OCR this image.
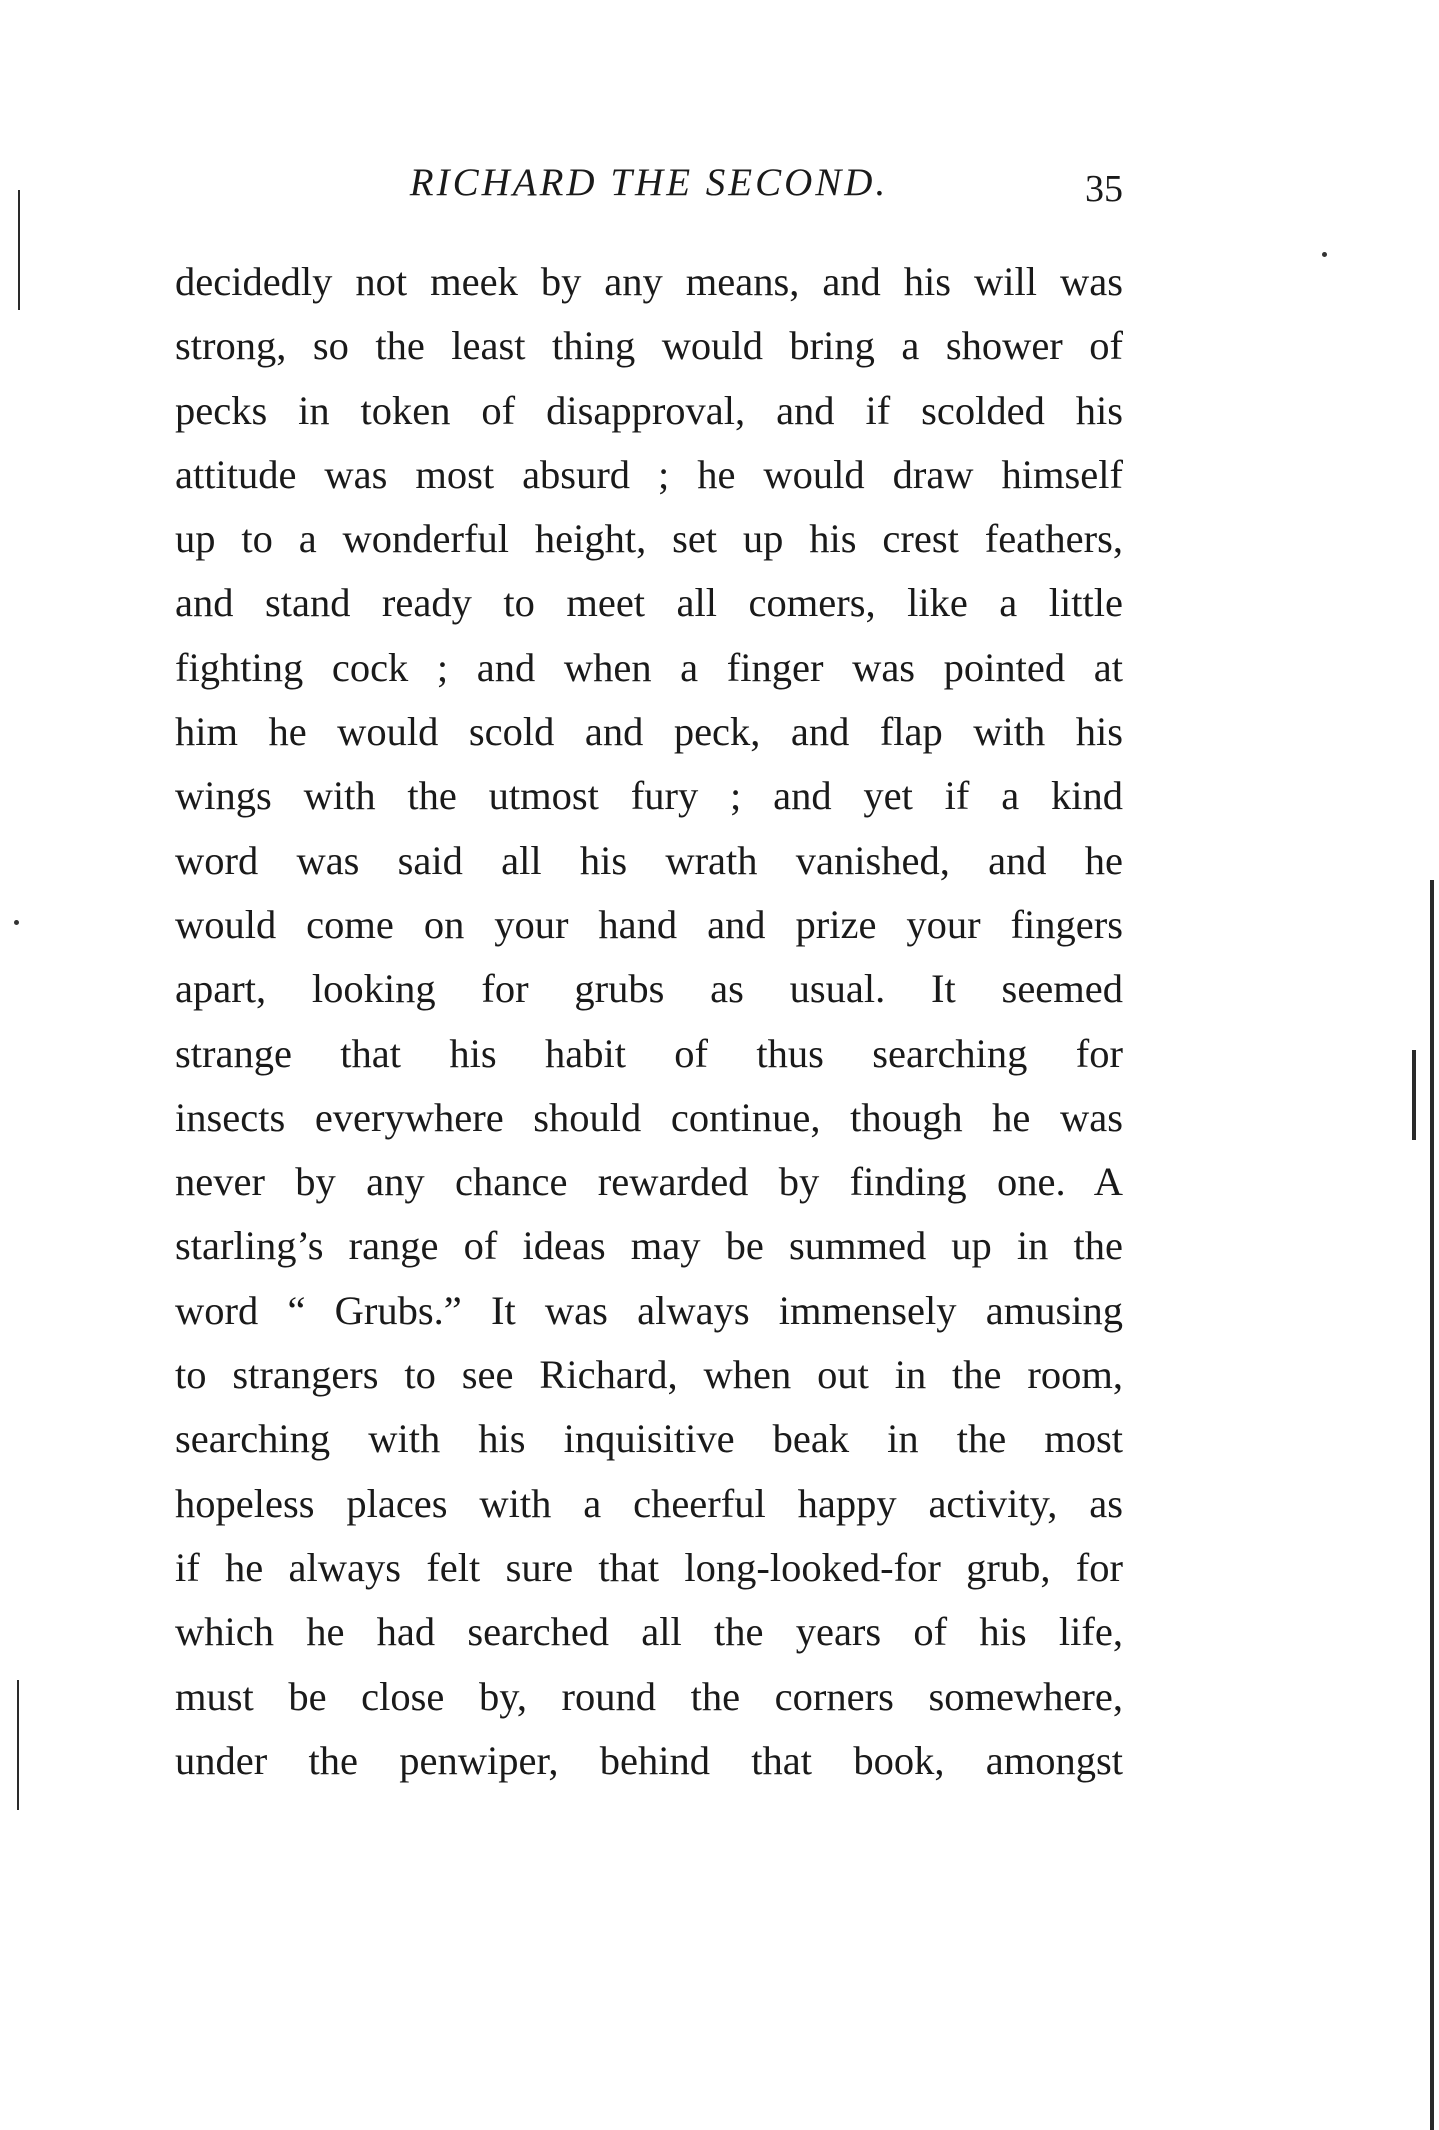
RICHARD THE SECOND.	35
decidedly not meek by any means, and his will was
strong, so the least thing would bring a shower of
pecks in token of disapproval, and if scolded his
attitude was most absurd ; he would draw himself
up to a wonderful height, set up his crest feathers,
and stand ready to meet all comers, like a little
fighting cock ; and when a finger was pointed at
him he would scold and peck, and flap with his
wings with the utmost fury ; and yet if a kind
word was said all his wrath vanished, and he
would come on your hand and prize your fingers
apart, looking for grubs as usual. It seemed
strange that his habit of thus searching for
insects everywhere should continue, though he was
never by any chance rewarded by finding one. A
starling’s range of ideas may be summed up in the
word “ Grubs.” It was always immensely amusing
to strangers to see Richard, when out in the room,
searching with his inquisitive beak in the most
hopeless places with a cheerful happy activity, as
if he always felt sure that long-looked-for grub, for
which he had searched all the years of his life,
must be close by, round the corners somewhere,
under the penwiper, behind that book, amongst
